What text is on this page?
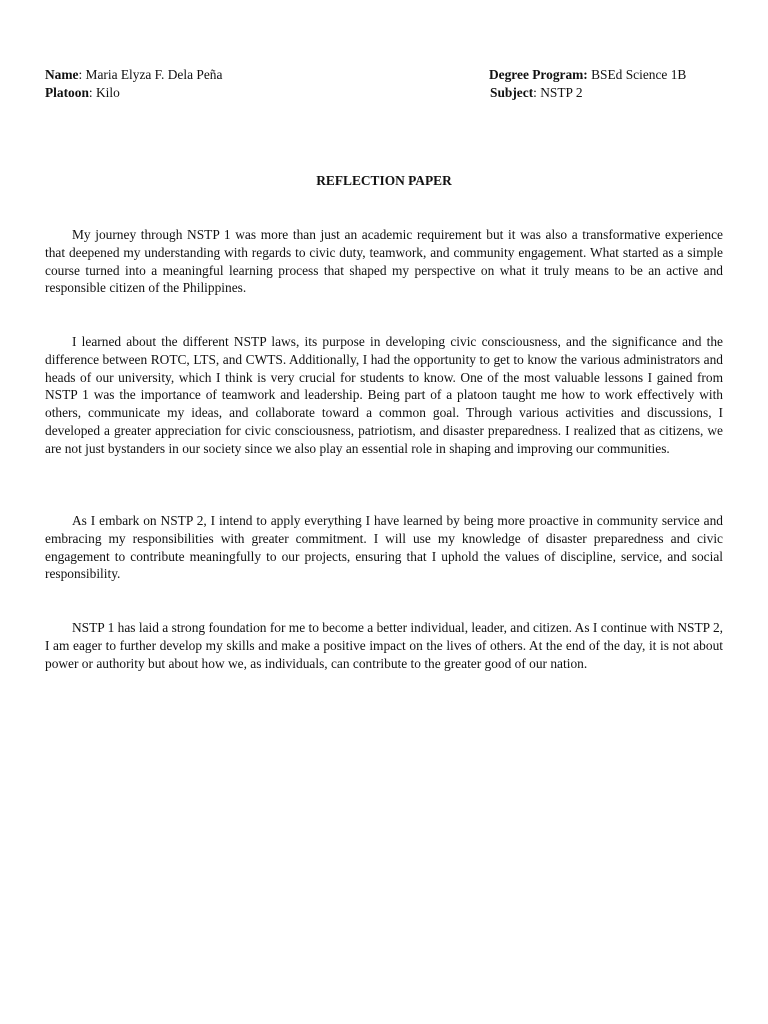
Name: Maria Elyza F. Dela Peña	Degree Program: BSEd Science 1B
Platoon: Kilo	Subject: NSTP 2
REFLECTION PAPER

My journey through NSTP 1 was more than just an academic requirement but it was also a transformative experience that deepened my understanding with regards to civic duty, teamwork, and community engagement. What started as a simple course turned into a meaningful learning process that shaped my perspective on what it truly means to be an active and responsible citizen of the Philippines.

I learned about the different NSTP laws, its purpose in developing civic consciousness, and the significance and the difference between ROTC, LTS, and CWTS. Additionally, I had the opportunity to get to know the various administrators and heads of our university, which I think is very crucial for students to know. One of the most valuable lessons I gained from NSTP 1 was the importance of teamwork and leadership. Being part of a platoon taught me how to work effectively with others, communicate my ideas, and collaborate toward a common goal. Through various activities and discussions, I developed a greater appreciation for civic consciousness, patriotism, and disaster preparedness. I realized that as citizens, we are not just bystanders in our society since we also play an essential role in shaping and improving our communities.

As I embark on NSTP 2, I intend to apply everything I have learned by being more proactive in community service and embracing my responsibilities with greater commitment. I will use my knowledge of disaster preparedness and civic engagement to contribute meaningfully to our projects, ensuring that I uphold the values of discipline, service, and social responsibility.

NSTP 1 has laid a strong foundation for me to become a better individual, leader, and citizen. As I continue with NSTP 2, I am eager to further develop my skills and make a positive impact on the lives of others. At the end of the day, it is not about power or authority but about how we, as individuals, can contribute to the greater good of our nation.
